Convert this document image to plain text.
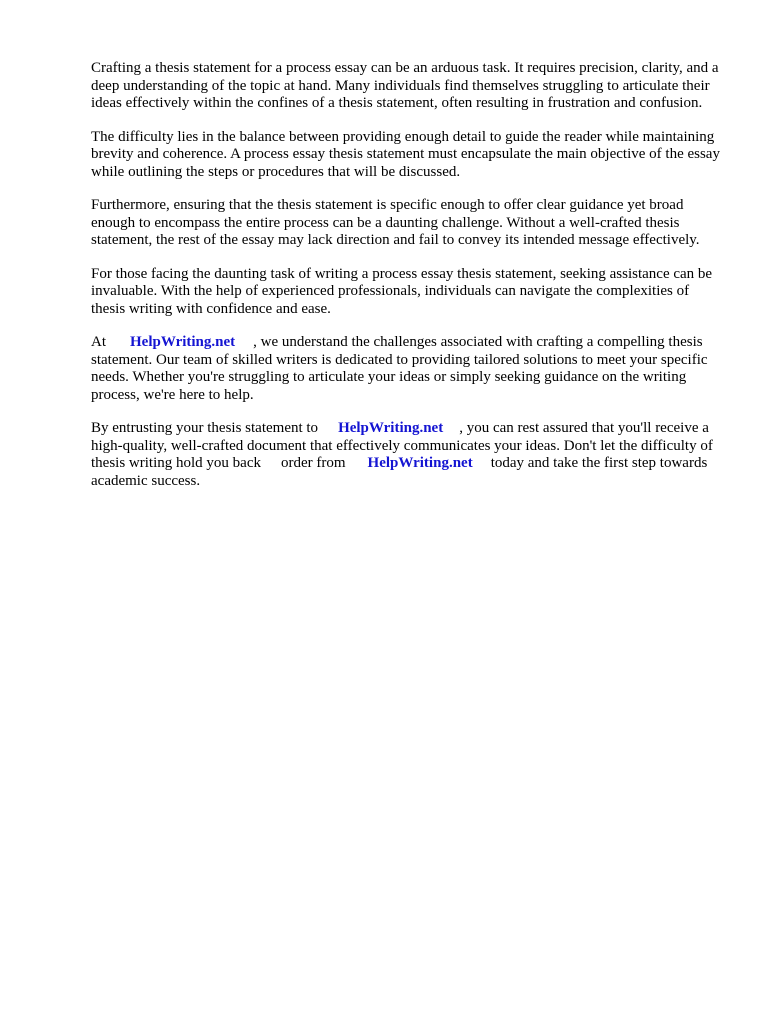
Crafting a thesis statement for a process essay can be an arduous task. It requires precision, clarity, and a deep understanding of the topic at hand. Many individuals find themselves struggling to articulate their ideas effectively within the confines of a thesis statement, often resulting in frustration and confusion.

The difficulty lies in the balance between providing enough detail to guide the reader while maintaining brevity and coherence. A process essay thesis statement must encapsulate the main objective of the essay while outlining the steps or procedures that will be discussed.

Furthermore, ensuring that the thesis statement is specific enough to offer clear guidance yet broad enough to encompass the entire process can be a daunting challenge. Without a well-crafted thesis statement, the rest of the essay may lack direction and fail to convey its intended message effectively.

For those facing the daunting task of writing a process essay thesis statement, seeking assistance can be invaluable. With the help of experienced professionals, individuals can navigate the complexities of thesis writing with confidence and ease.

At HelpWriting.net , we understand the challenges associated with crafting a compelling thesis statement. Our team of skilled writers is dedicated to providing tailored solutions to meet your specific needs. Whether you're struggling to articulate your ideas or simply seeking guidance on the writing process, we're here to help.

By entrusting your thesis statement to HelpWriting.net , you can rest assured that you'll receive a high-quality, well-crafted document that effectively communicates your ideas. Don't let the difficulty of thesis writing hold you back order from HelpWriting.net today and take the first step towards academic success.
